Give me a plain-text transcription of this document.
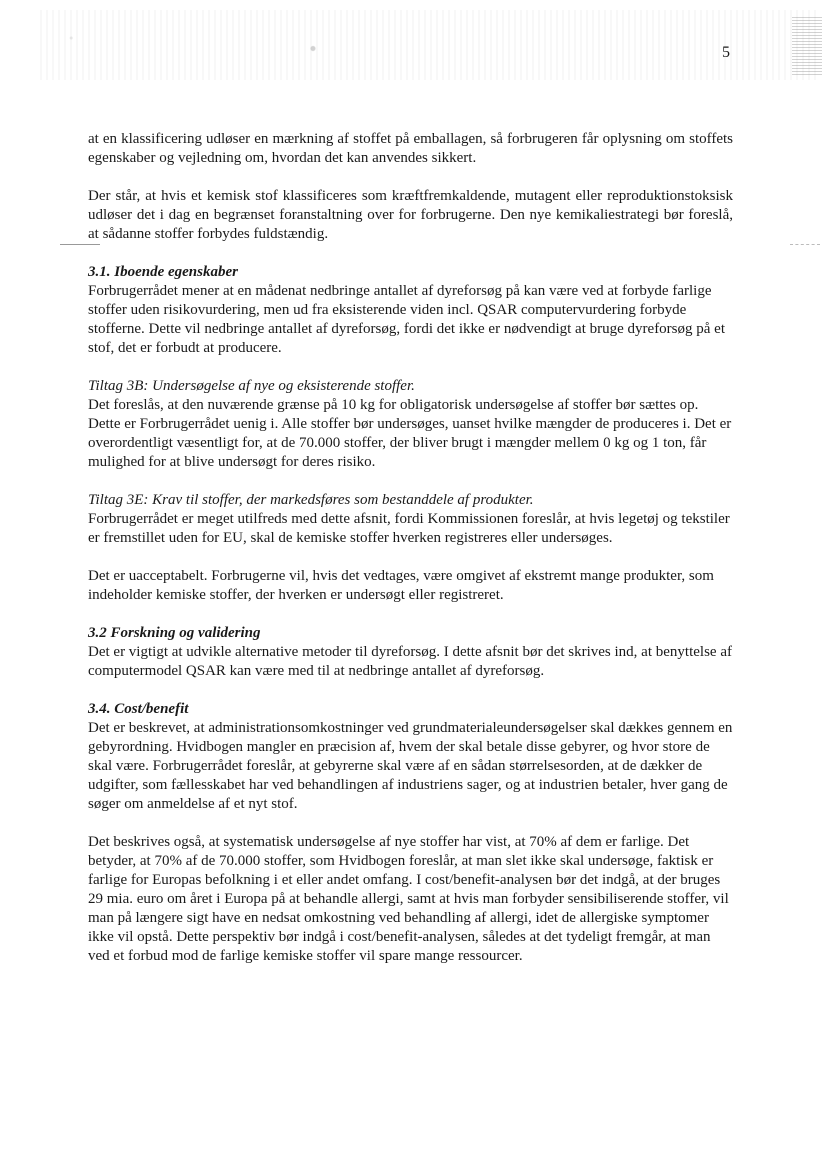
5

at en klassificering udløser en mærkning af stoffet på emballagen, så forbrugeren får oplysning om stoffets egenskaber og vejledning om, hvordan det kan anvendes sikkert.

Der står, at hvis et kemisk stof klassificeres som kræftfremkaldende, mutagent eller reproduktionstoksisk udløser det i dag en begrænset foranstaltning over for forbrugerne. Den nye kemikaliestrategi bør foreslå, at sådanne stoffer forbydes fuldstændig.

3.1. Iboende egenskaber

Forbrugerrådet mener at en mådenat nedbringe antallet af dyreforsøg på kan være ved at forbyde farlige stoffer uden risikovurdering, men ud fra eksisterende viden incl. QSAR computervurdering forbyde stofferne. Dette vil nedbringe antallet af dyreforsøg, fordi det ikke er nødvendigt at bruge dyreforsøg på et stof, det er forbudt at producere.

Tiltag 3B: Undersøgelse af nye og eksisterende stoffer.

Det foreslås, at den nuværende grænse på 10 kg for obligatorisk undersøgelse af stoffer bør sættes op. Dette er Forbrugerrådet uenig i. Alle stoffer bør undersøges, uanset hvilke mængder de produceres i. Det er overordentligt væsentligt for, at de 70.000 stoffer, der bliver brugt i mængder mellem 0 kg og 1 ton, får mulighed for at blive undersøgt for deres risiko.

Tiltag 3E: Krav til stoffer, der markedsføres som bestanddele af produkter.

Forbrugerrådet er meget utilfreds med dette afsnit, fordi Kommissionen foreslår, at hvis legetøj og tekstiler er fremstillet uden for EU, skal de kemiske stoffer hverken registreres eller undersøges.

Det er uacceptabelt. Forbrugerne vil, hvis det vedtages, være omgivet af ekstremt mange produkter, som indeholder kemiske stoffer, der hverken er undersøgt eller registreret.

3.2 Forskning og validering

Det er vigtigt at udvikle alternative metoder til dyreforsøg. I dette afsnit bør det skrives ind, at benyttelse af computermodel QSAR kan være med til at nedbringe antallet af dyreforsøg.

3.4. Cost/benefit

Det er beskrevet, at administrationsomkostninger ved grundmaterialeundersøgelser skal dækkes gennem en gebyrordning. Hvidbogen mangler en præcision af, hvem der skal betale disse gebyrer, og hvor store de skal være. Forbrugerrådet foreslår, at gebyrerne skal være af en sådan størrelsesorden, at de dækker de udgifter, som fællesskabet har ved behandlingen af industriens sager, og at industrien betaler, hver gang de søger om anmeldelse af et nyt stof.

Det beskrives også, at systematisk undersøgelse af nye stoffer har vist, at 70% af dem er farlige. Det betyder, at 70% af de 70.000 stoffer, som Hvidbogen foreslår, at man slet ikke skal undersøge, faktisk er farlige for Europas befolkning i et eller andet omfang. I cost/benefit-analysen bør det indgå, at der bruges 29 mia. euro om året i Europa på at behandle allergi, samt at hvis man forbyder sensibiliserende stoffer, vil man på længere sigt have en nedsat omkostning ved behandling af allergi, idet de allergiske symptomer ikke vil opstå. Dette perspektiv bør indgå i cost/benefit-analysen, således at det tydeligt fremgår, at man ved et forbud mod de farlige kemiske stoffer vil spare mange ressourcer.
